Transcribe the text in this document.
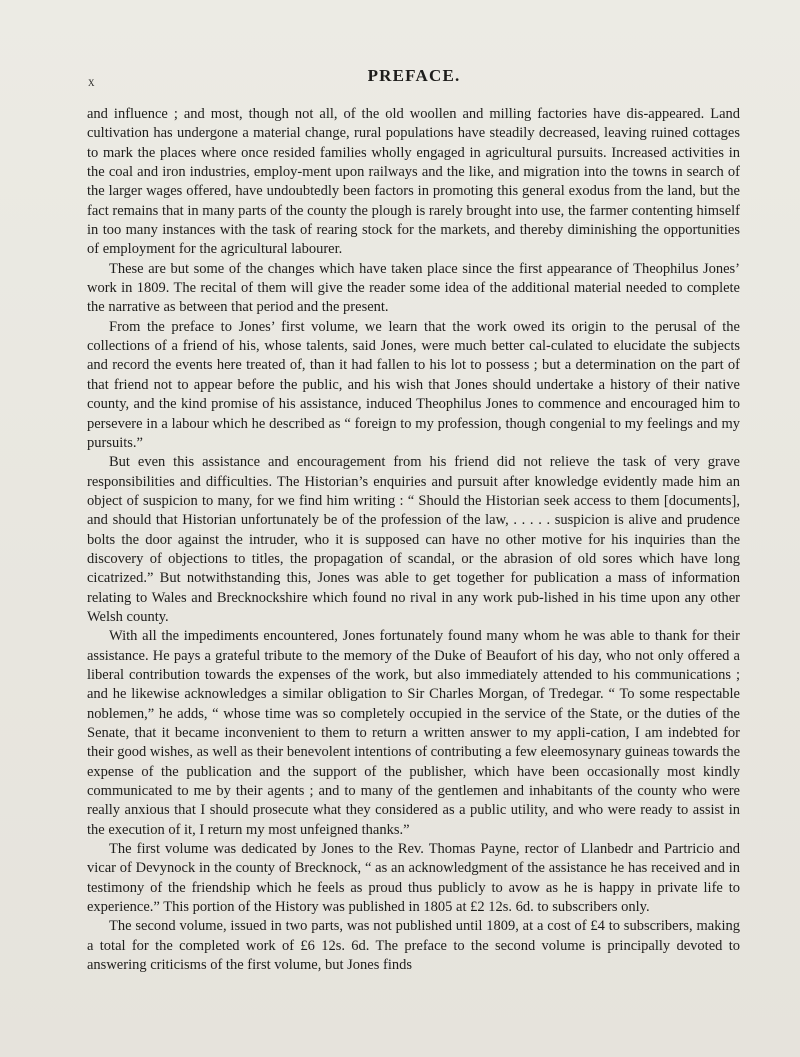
x	PREFACE.

and influence ; and most, though not all, of the old woollen and milling factories have dis-appeared. Land cultivation has undergone a material change, rural populations have steadily decreased, leaving ruined cottages to mark the places where once resided families wholly engaged in agricultural pursuits. Increased activities in the coal and iron industries, employ-ment upon railways and the like, and migration into the towns in search of the larger wages offered, have undoubtedly been factors in promoting this general exodus from the land, but the fact remains that in many parts of the county the plough is rarely brought into use, the farmer contenting himself in too many instances with the task of rearing stock for the markets, and thereby diminishing the opportunities of employment for the agricultural labourer.

These are but some of the changes which have taken place since the first appearance of Theophilus Jones’ work in 1809. The recital of them will give the reader some idea of the additional material needed to complete the narrative as between that period and the present.

From the preface to Jones’ first volume, we learn that the work owed its origin to the perusal of the collections of a friend of his, whose talents, said Jones, were much better cal-culated to elucidate the subjects and record the events here treated of, than it had fallen to his lot to possess ; but a determination on the part of that friend not to appear before the public, and his wish that Jones should undertake a history of their native county, and the kind promise of his assistance, induced Theophilus Jones to commence and encouraged him to persevere in a labour which he described as “ foreign to my profession, though congenial to my feelings and my pursuits.”

But even this assistance and encouragement from his friend did not relieve the task of very grave responsibilities and difficulties. The Historian’s enquiries and pursuit after knowledge evidently made him an object of suspicion to many, for we find him writing : “ Should the Historian seek access to them [documents], and should that Historian unfortunately be of the profession of the law, . . . . . suspicion is alive and prudence bolts the door against the intruder, who it is supposed can have no other motive for his inquiries than the discovery of objections to titles, the propagation of scandal, or the abrasion of old sores which have long cicatrized.” But notwithstanding this, Jones was able to get together for publication a mass of information relating to Wales and Brecknockshire which found no rival in any work pub-lished in his time upon any other Welsh county.

With all the impediments encountered, Jones fortunately found many whom he was able to thank for their assistance. He pays a grateful tribute to the memory of the Duke of Beaufort of his day, who not only offered a liberal contribution towards the expenses of the work, but also immediately attended to his communications ; and he likewise acknowledges a similar obligation to Sir Charles Morgan, of Tredegar. “ To some respectable noblemen,” he adds, “ whose time was so completely occupied in the service of the State, or the duties of the Senate, that it became inconvenient to them to return a written answer to my appli-cation, I am indebted for their good wishes, as well as their benevolent intentions of contributing a few eleemosynary guineas towards the expense of the publication and the support of the publisher, which have been occasionally most kindly communicated to me by their agents ; and to many of the gentlemen and inhabitants of the county who were really anxious that I should prosecute what they considered as a public utility, and who were ready to assist in the execution of it, I return my most unfeigned thanks.”

The first volume was dedicated by Jones to the Rev. Thomas Payne, rector of Llanbedr and Partricio and vicar of Devynock in the county of Brecknock, “ as an acknowledgment of the assistance he has received and in testimony of the friendship which he feels as proud thus publicly to avow as he is happy in private life to experience.” This portion of the History was published in 1805 at £2 12s. 6d. to subscribers only.

The second volume, issued in two parts, was not published until 1809, at a cost of £4 to subscribers, making a total for the completed work of £6 12s. 6d. The preface to the second volume is principally devoted to answering criticisms of the first volume, but Jones finds
